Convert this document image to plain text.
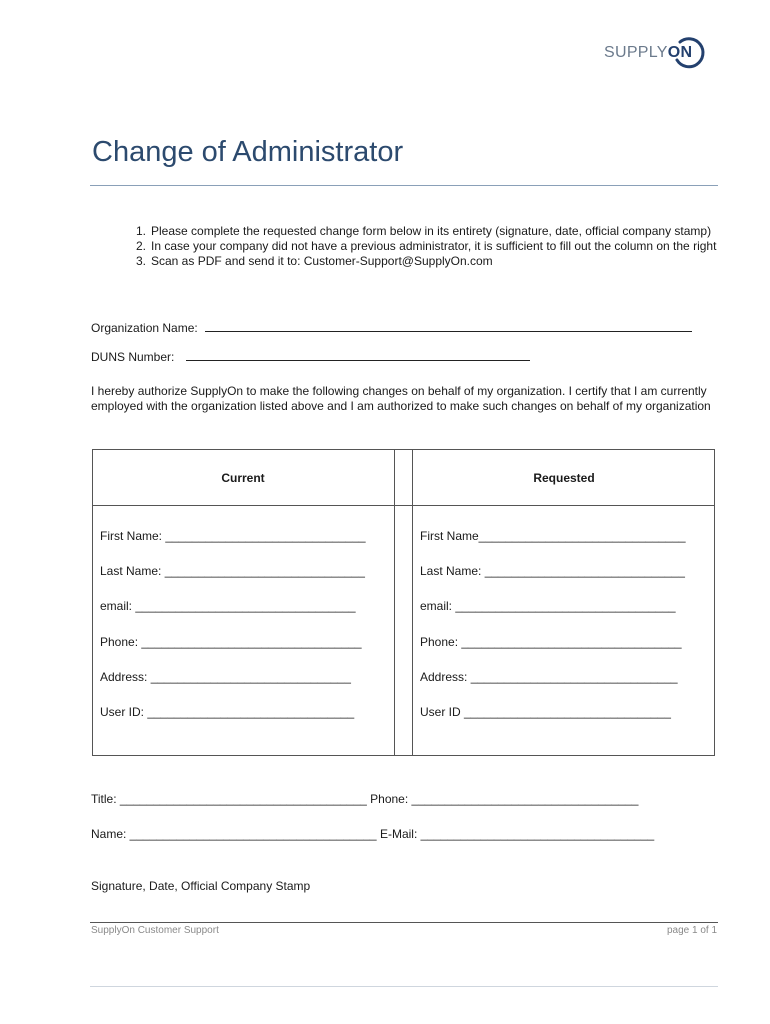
SUPPLYON
Change of Administrator
1. Please complete the requested change form below in its entirety (signature, date, official company stamp)
2. In case your company did not have a previous administrator, it is sufficient to fill out the column on the right
3. Scan as PDF and send it to: Customer-Support@SupplyOn.com
Organization Name:
DUNS Number:
I hereby authorize SupplyOn to make the following changes on behalf of my organization. I certify that I am currently employed with the organization listed above and I am authorized to make such changes on behalf of my organization
Current	Requested
First Name: ______________________________
Last Name: ______________________________
email: _________________________________
Phone: _________________________________
Address: ______________________________
User ID: _______________________________
First Name_______________________________
Last Name: ______________________________
email: _________________________________
Phone: _________________________________
Address: _______________________________
User ID _______________________________
Title: _____________________________________ Phone: __________________________________
Name: _____________________________________ E-Mail: ___________________________________
Signature, Date, Official Company Stamp
SupplyOn Customer Support	page 1 of 1
